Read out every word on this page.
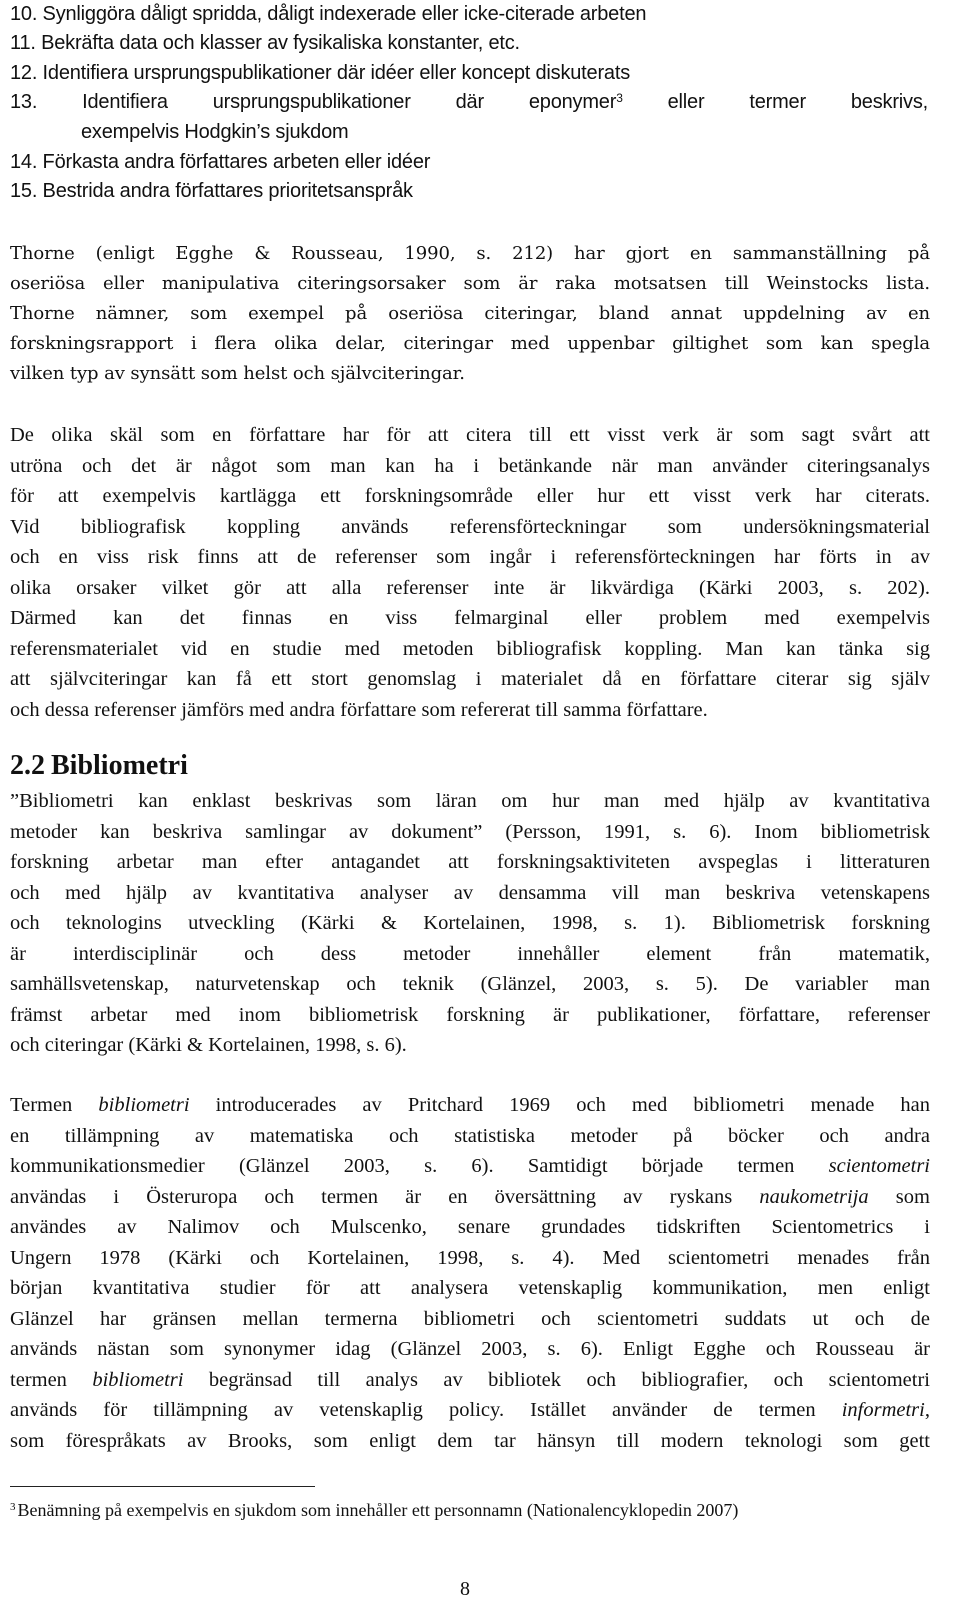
10. Synliggöra dåligt spridda, dåligt indexerade eller icke-citerade arbeten
11. Bekräfta data och klasser av fysikaliska konstanter, etc.
12. Identifiera ursprungspublikationer där idéer eller koncept diskuterats
13. Identifiera ursprungspublikationer där eponymer$^3$ eller termer beskrivs,
exempelvis Hodgkin’s sjukdom
14. Förkasta andra författares arbeten eller idéer
15. Bestrida andra författares prioritetsanspråk
Thorne (enligt Egghe & Rousseau, 1990, s. 212) har gjort en sammanställning på
oseriösa eller manipulativa citeringsorsaker som är raka motsatsen till Weinstocks lista.
Thorne nämner, som exempel på oseriösa citeringar, bland annat uppdelning av en
forskningsrapport i flera olika delar, citeringar med uppenbar giltighet som kan spegla
vilken typ av synsätt som helst och självciteringar.
De olika skäl som en författare har för att citera till ett visst verk är som sagt svårt att
utröna och det är något som man kan ha i betänkande när man använder citeringsanalys
för att exempelvis kartlägga ett forskningsområde eller hur ett visst verk har citerats.
Vid bibliografisk koppling används referensförteckningar som undersökningsmaterial
och en viss risk finns att de referenser som ingår i referensförteckningen har förts in av
olika orsaker vilket gör att alla referenser inte är likvärdiga (Kärki 2003, s. 202).
Därmed kan det finnas en viss felmarginal eller problem med exempelvis
referensmaterialet vid en studie med metoden bibliografisk koppling. Man kan tänka sig
att självciteringar kan få ett stort genomslag i materialet då en författare citerar sig själv
och dessa referenser jämförs med andra författare som refererat till samma författare.
2.2 Bibliometri
”Bibliometri kan enklast beskrivas som läran om hur man med hjälp av kvantitativa
metoder kan beskriva samlingar av dokument” (Persson, 1991, s. 6). Inom bibliometrisk
forskning arbetar man efter antagandet att forskningsaktiviteten avspeglas i litteraturen
och med hjälp av kvantitativa analyser av densamma vill man beskriva vetenskapens
och teknologins utveckling (Kärki & Kortelainen, 1998, s. 1). Bibliometrisk forskning
är interdisciplinär och dess metoder innehåller element från matematik,
samhällsvetenskap, naturvetenskap och teknik (Glänzel, 2003, s. 5). De variabler man
främst arbetar med inom bibliometrisk forskning är publikationer, författare, referenser
och citeringar (Kärki & Kortelainen, 1998, s. 6).
Termen bibliometri introducerades av Pritchard 1969 och med bibliometri menade han
en tillämpning av matematiska och statistiska metoder på böcker och andra
kommunikationsmedier (Glänzel 2003, s. 6). Samtidigt började termen scientometri
användas i Österuropa och termen är en översättning av ryskans naukometrija som
användes av Nalimov och Mulscenko, senare grundades tidskriften Scientometrics i
Ungern 1978 (Kärki och Kortelainen, 1998, s. 4). Med scientometri menades från
början kvantitativa studier för att analysera vetenskaplig kommunikation, men enligt
Glänzel har gränsen mellan termerna bibliometri och scientometri suddats ut och de
används nästan som synonymer idag (Glänzel 2003, s. 6). Enligt Egghe och Rousseau är
termen bibliometri begränsad till analys av bibliotek och bibliografier, och scientometri
används för tillämpning av vetenskaplig policy. Istället använder de termen informetri,
som förespråkats av Brooks, som enligt dem tar hänsyn till modern teknologi som gett
$^3$ Benämning på exempelvis en sjukdom som innehåller ett personnamn (Nationalencyklopedin 2007)
8
